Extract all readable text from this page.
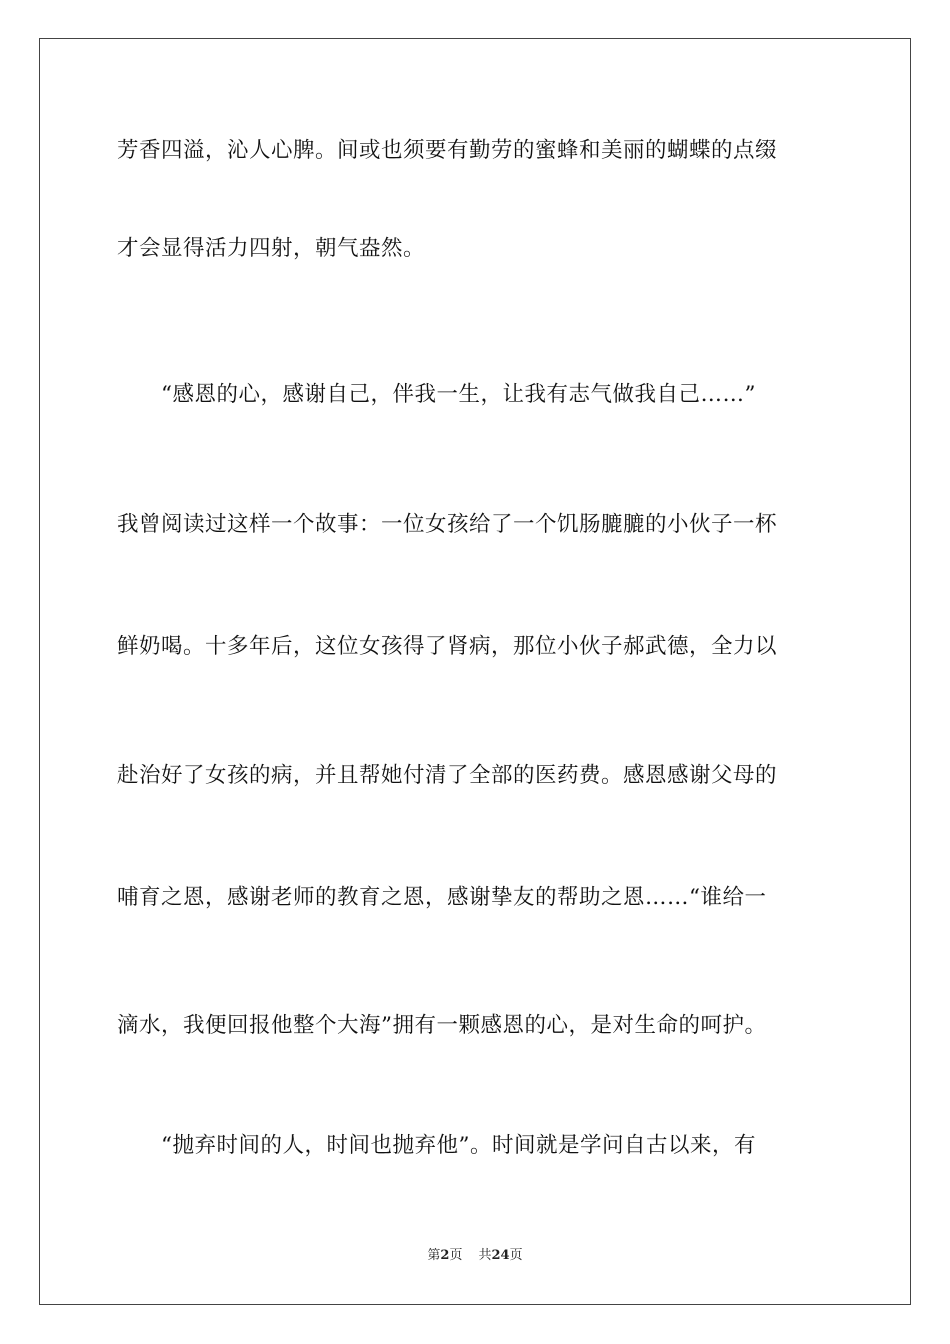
芳香四溢，沁人心脾。间或也须要有勤劳的蜜蜂和美丽的蝴蝶的点缀
才会显得活力四射，朝气盎然。
　　“感恩的心，感谢自己，伴我一生，让我有志气做我自己……”
我曾阅读过这样一个故事：一位女孩给了一个饥肠膔膔的小伙子一杯
鲜奶喝。十多年后，这位女孩得了肾病，那位小伙子郝武德，全力以
赴治好了女孩的病，并且帮她付清了全部的医药费。感恩感谢父母的
哺育之恩，感谢老师的教育之恩，感谢挚友的帮助之恩……“谁给一
滴水，我便回报他整个大海”拥有一颗感恩的心，是对生命的呵护。
　　“抛弃时间的人，时间也抛弃他”。时间就是学问自古以来，有
第2页 共24页
